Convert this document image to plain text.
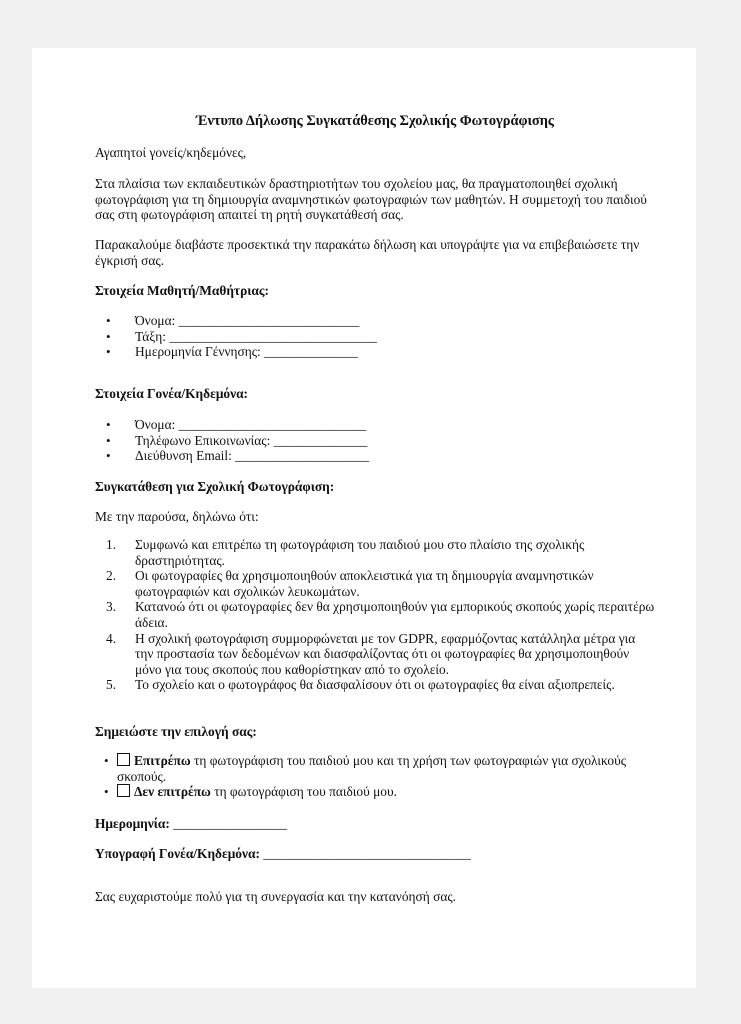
Έντυπο Δήλωσης Συγκατάθεσης Σχολικής Φωτογράφισης

Αγαπητοί γονείς/κηδεμόνες,

Στα πλαίσια των εκπαιδευτικών δραστηριοτήτων του σχολείου μας, θα πραγματοποιηθεί σχολική φωτογράφιση για τη δημιουργία αναμνηστικών φωτογραφιών των μαθητών. Η συμμετοχή του παιδιού σας στη φωτογράφιση απαιτεί τη ρητή συγκατάθεσή σας.

Παρακαλούμε διαβάστε προσεκτικά την παρακάτω δήλωση και υπογράψτε για να επιβεβαιώσετε την έγκρισή σας.

Στοιχεία Μαθητή/Μαθήτριας:
• Όνομα: ___________________________
• Τάξη: _______________________________
• Ημερομηνία Γέννησης: ______________
Στοιχεία Γονέα/Κηδεμόνα:
• Όνομα: ____________________________
• Τηλέφωνο Επικοινωνίας: ______________
• Διεύθυνση Email: ____________________
Συγκατάθεση για Σχολική Φωτογράφιση:

Με την παρούσα, δηλώνω ότι:

1. Συμφωνώ και επιτρέπω τη φωτογράφιση του παιδιού μου στο πλαίσιο της σχολικής δραστηριότητας.
2. Οι φωτογραφίες θα χρησιμοποιηθούν αποκλειστικά για τη δημιουργία αναμνηστικών φωτογραφιών και σχολικών λευκωμάτων.
3. Κατανοώ ότι οι φωτογραφίες δεν θα χρησιμοποιηθούν για εμπορικούς σκοπούς χωρίς περαιτέρω άδεια.
4. Η σχολική φωτογράφιση συμμορφώνεται με τον GDPR, εφαρμόζοντας κατάλληλα μέτρα για την προστασία των δεδομένων και διασφαλίζοντας ότι οι φωτογραφίες θα χρησιμοποιηθούν μόνο για τους σκοπούς που καθορίστηκαν από το σχολείο.
5. Το σχολείο και ο φωτογράφος θα διασφαλίσουν ότι οι φωτογραφίες θα είναι αξιοπρεπείς.
Σημειώστε την επιλογή σας:
• Επιτρέπω τη φωτογράφιση του παιδιού μου και τη χρήση των φωτογραφιών για σχολικούς σκοπούς.
• Δεν επιτρέπω τη φωτογράφιση του παιδιού μου.

Ημερομηνία: _________________

Υπογραφή Γονέα/Κηδεμόνα: _______________________________

Σας ευχαριστούμε πολύ για τη συνεργασία και την κατανόησή σας.
